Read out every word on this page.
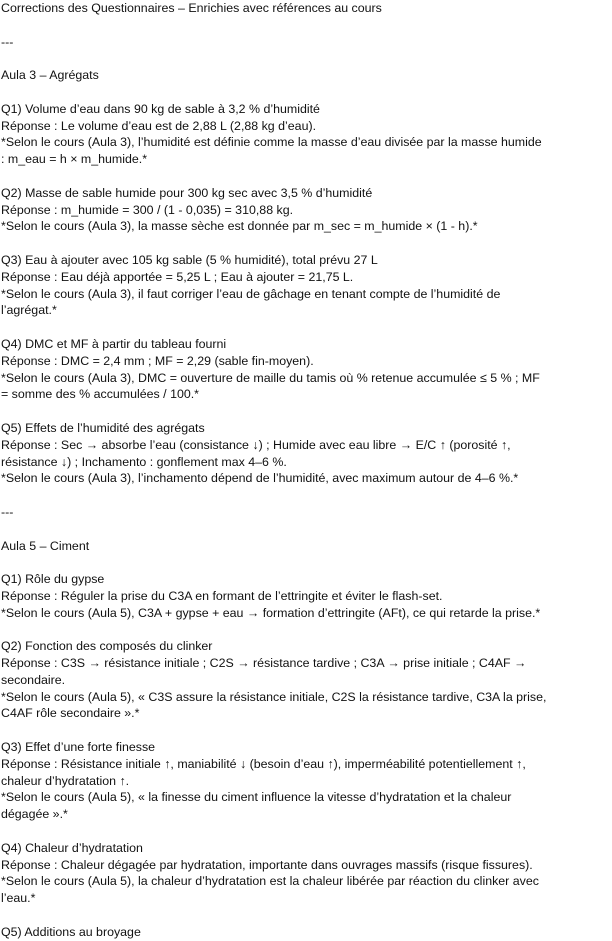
Corrections des Questionnaires – Enrichies avec références au cours

---

Aula 3 – Agrégats

Q1) Volume d’eau dans 90 kg de sable à 3,2 % d’humidité

Réponse : Le volume d’eau est de 2,88 L (2,88 kg d’eau).

*Selon le cours (Aula 3), l’humidité est définie comme la masse d’eau divisée par la masse humide

: m_eau = h × m_humide.*

Q2) Masse de sable humide pour 300 kg sec avec 3,5 % d’humidité

Réponse : m_humide = 300 / (1 - 0,035) = 310,88 kg.

*Selon le cours (Aula 3), la masse sèche est donnée par m_sec = m_humide × (1 - h).*

Q3) Eau à ajouter avec 105 kg sable (5 % humidité), total prévu 27 L

Réponse : Eau déjà apportée = 5,25 L ; Eau à ajouter = 21,75 L.

*Selon le cours (Aula 3), il faut corriger l’eau de gâchage en tenant compte de l’humidité de

l’agrégat.*

Q4) DMC et MF à partir du tableau fourni

Réponse : DMC = 2,4 mm ; MF = 2,29 (sable fin-moyen).

*Selon le cours (Aula 3), DMC = ouverture de maille du tamis où % retenue accumulée ≤ 5 % ; MF

= somme des % accumulées / 100.*

Q5) Effets de l’humidité des agrégats

Réponse : Sec → absorbe l’eau (consistance ↓) ; Humide avec eau libre → E/C ↑ (porosité ↑,

résistance ↓) ; Inchamento : gonflement max 4–6 %.

*Selon le cours (Aula 3), l’inchamento dépend de l’humidité, avec maximum autour de 4–6 %.*

---

Aula 5 – Ciment

Q1) Rôle du gypse

Réponse : Réguler la prise du C3A en formant de l’ettringite et éviter le flash-set.

*Selon le cours (Aula 5), C3A + gypse + eau → formation d’ettringite (AFt), ce qui retarde la prise.*

Q2) Fonction des composés du clinker

Réponse : C3S → résistance initiale ; C2S → résistance tardive ; C3A → prise initiale ; C4AF →

secondaire.

*Selon le cours (Aula 5), « C3S assure la résistance initiale, C2S la résistance tardive, C3A la prise,

C4AF rôle secondaire ».*

Q3) Effet d’une forte finesse

Réponse : Résistance initiale ↑, maniabilité ↓ (besoin d’eau ↑), imperméabilité potentiellement ↑,

chaleur d’hydratation ↑.

*Selon le cours (Aula 5), « la finesse du ciment influence la vitesse d’hydratation et la chaleur

dégagée ».*

Q4) Chaleur d’hydratation

Réponse : Chaleur dégagée par hydratation, importante dans ouvrages massifs (risque fissures).

*Selon le cours (Aula 5), la chaleur d’hydratation est la chaleur libérée par réaction du clinker avec

l’eau.*

Q5) Additions au broyage
